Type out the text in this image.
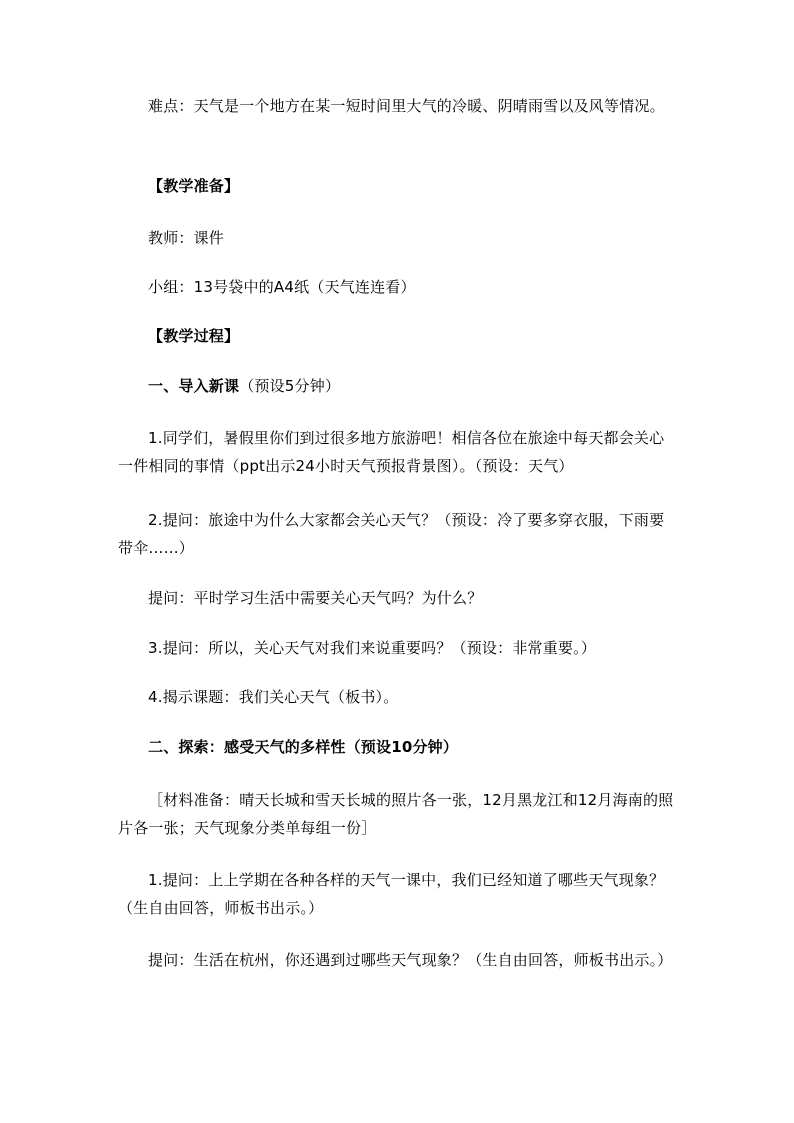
难点：天气是一个地方在某一短时间里大气的冷暖、阴晴雨雪以及风等情况。
【教学准备】
教师：课件
小组：13号袋中的A4纸（天气连连看）
【教学过程】
一、导入新课（预设5分钟）
1.同学们，暑假里你们到过很多地方旅游吧！相信各位在旅途中每天都会关心一件相同的事情（ppt出示24小时天气预报背景图）。（预设：天气）
2.提问：旅途中为什么大家都会关心天气？（预设：冷了要多穿衣服，下雨要带伞……）
提问：平时学习生活中需要关心天气吗？为什么？
3.提问：所以，关心天气对我们来说重要吗？（预设：非常重要。）
4.揭示课题：我们关心天气（板书）。
二、探索：感受天气的多样性（预设10分钟）
［材料准备：晴天长城和雪天长城的照片各一张，12月黑龙江和12月海南的照片各一张；天气现象分类单每组一份］
1.提问：上上学期在各种各样的天气一课中，我们已经知道了哪些天气现象？（生自由回答，师板书出示。）
提问：生活在杭州，你还遇到过哪些天气现象？（生自由回答，师板书出示。）
